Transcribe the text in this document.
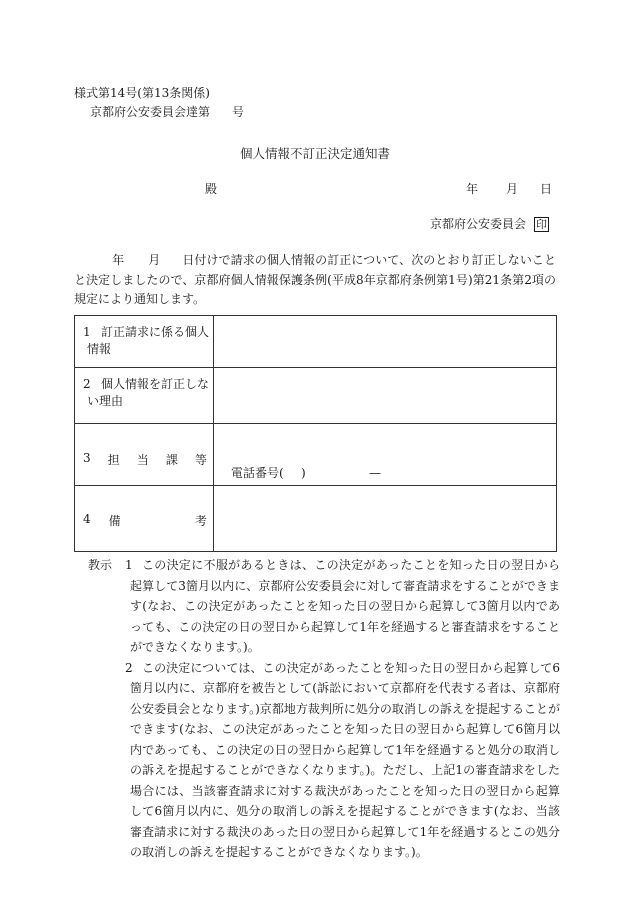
様式第14号(第13条関係)
京都府公安委員会達第 号
個人情報不訂正決定通知書
殿	年 月 日
京都府公安委員会 印
年 月 日付けで請求の個人情報の訂正について、次のとおり訂正しないことと決定しましたので、京都府個人情報保護条例(平成8年京都府条例第1号)第21条第2項の規定により通知します。
1 訂正請求に係る個人
情報	

2 個人情報を訂正しな
い理由	

3 担 当 課 等	電話番号( ) —

4 備 考	

教示 1 この決定に不服があるときは、この決定があったことを知った日の翌日から起算して3箇月以内に、京都府公安委員会に対して審査請求をすることができます(なお、この決定があったことを知った日の翌日から起算して3箇月以内であっても、この決定の日の翌日から起算して1年を経過すると審査請求をすることができなくなります。)。
2 この決定については、この決定があったことを知った日の翌日から起算して6箇月以内に、京都府を被告として(訴訟において京都府を代表する者は、京都府公安委員会となります。)京都地方裁判所に処分の取消しの訴えを提起することができます(なお、この決定があったことを知った日の翌日から起算して6箇月以内であっても、この決定の日の翌日から起算して1年を経過すると処分の取消しの訴えを提起することができなくなります。)。ただし、上記1の審査請求をした場合には、当該審査請求に対する裁決があったことを知った日の翌日から起算して6箇月以内に、処分の取消しの訴えを提起することができます(なお、当該審査請求に対する裁決のあった日の翌日から起算して1年を経過するとこの処分の取消しの訴えを提起することができなくなります。)。
